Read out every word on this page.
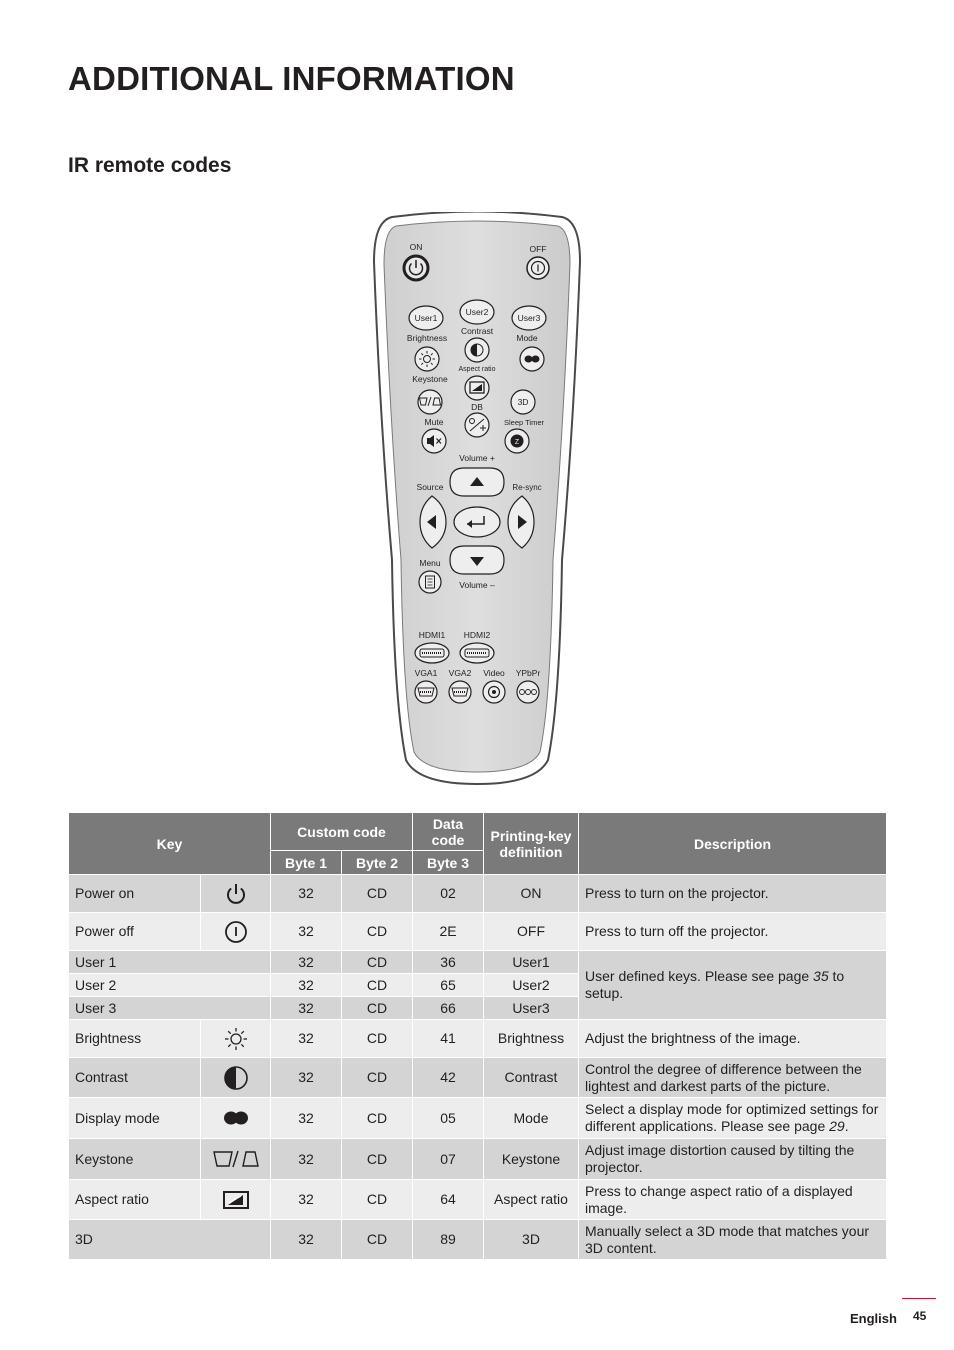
ADDITIONAL INFORMATION
IR remote codes
ON	OFF
User1
User2
User3
Brightness
Contrast
Mode
Aspect ratio
Keystone
3D
DB
Mute	Sleep Timer
Z
Volume +
Source	Re-sync
Menu
Volume –
HDMI1 HDMI2
VGA1 VGA2 Video YPbPr
Key		Custom code		Data code	Printing-key definition	Description
		Byte 1	Byte 2	Byte 3		
Power on		32	CD	02	ON	Press to turn on the projector.
Power off		32	CD	2E	OFF	Press to turn off the projector.
User 1		32	CD	36	User1	User defined keys. Please see page 35 to setup.
User 2		32	CD	65	User2	
User 3		32	CD	66	User3	
Brightness		32	CD	41	Brightness	Adjust the brightness of the image.
Contrast		32	CD	42	Contrast	Control the degree of difference between the lightest and darkest parts of the picture.
Display mode		32	CD	05	Mode	Select a display mode for optimized settings for different applications. Please see page 29.
Keystone		32	CD	07	Keystone	Adjust image distortion caused by tilting the projector.
Aspect ratio		32	CD	64	Aspect ratio	Press to change aspect ratio of a displayed image.
3D		32	CD	89	3D	Manually select a 3D mode that matches your 3D content.
English 45
